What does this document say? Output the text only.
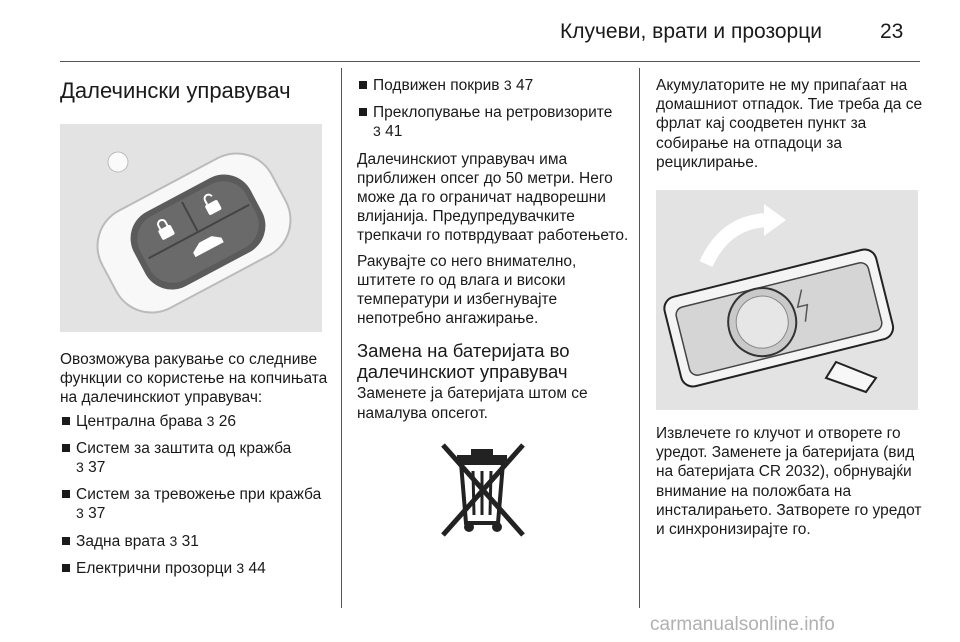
Клучеви, врати и прозорци	23
Далечински управувач

Овозможува ракување со следниве функции со користење на копчињата на далечинскиот управувач:

Централна брава 3 26
Систем за заштита од кражба
3 37
Систем за тревожење при кражба 3 37
Задна врата 3 31
Електрични прозорци 3 44
Подвижен покрив 3 47
Преклопување на ретровизорите
3 41

Далечинскиот управувач има приближен опсег до 50 метри. Него може да го ограничат надворешни влијанија. Предупредувачките трепкачи го потврдуваат работењето.

Ракувајте со него внимателно, штитете го од влага и високи температури и избегнувајте непотребно ангажирање.

Замена на батеријата во далечинскиот управувач

Заменете ја батеријата штом се намалува опсегот.

Акумулаторите не му припаѓаат на домашниот отпадок. Тие треба да се фрлат кај соодветен пункт за собирање на отпадоци за рециклирање.

Извлечете го клучот и отворете го уредот. Заменете ја батеријата (вид на батеријата CR 2032), обрнувајќи внимание на положбата на инсталирањето. Затворете го уредот и синхронизирајте го.

carmanualsonline.info
